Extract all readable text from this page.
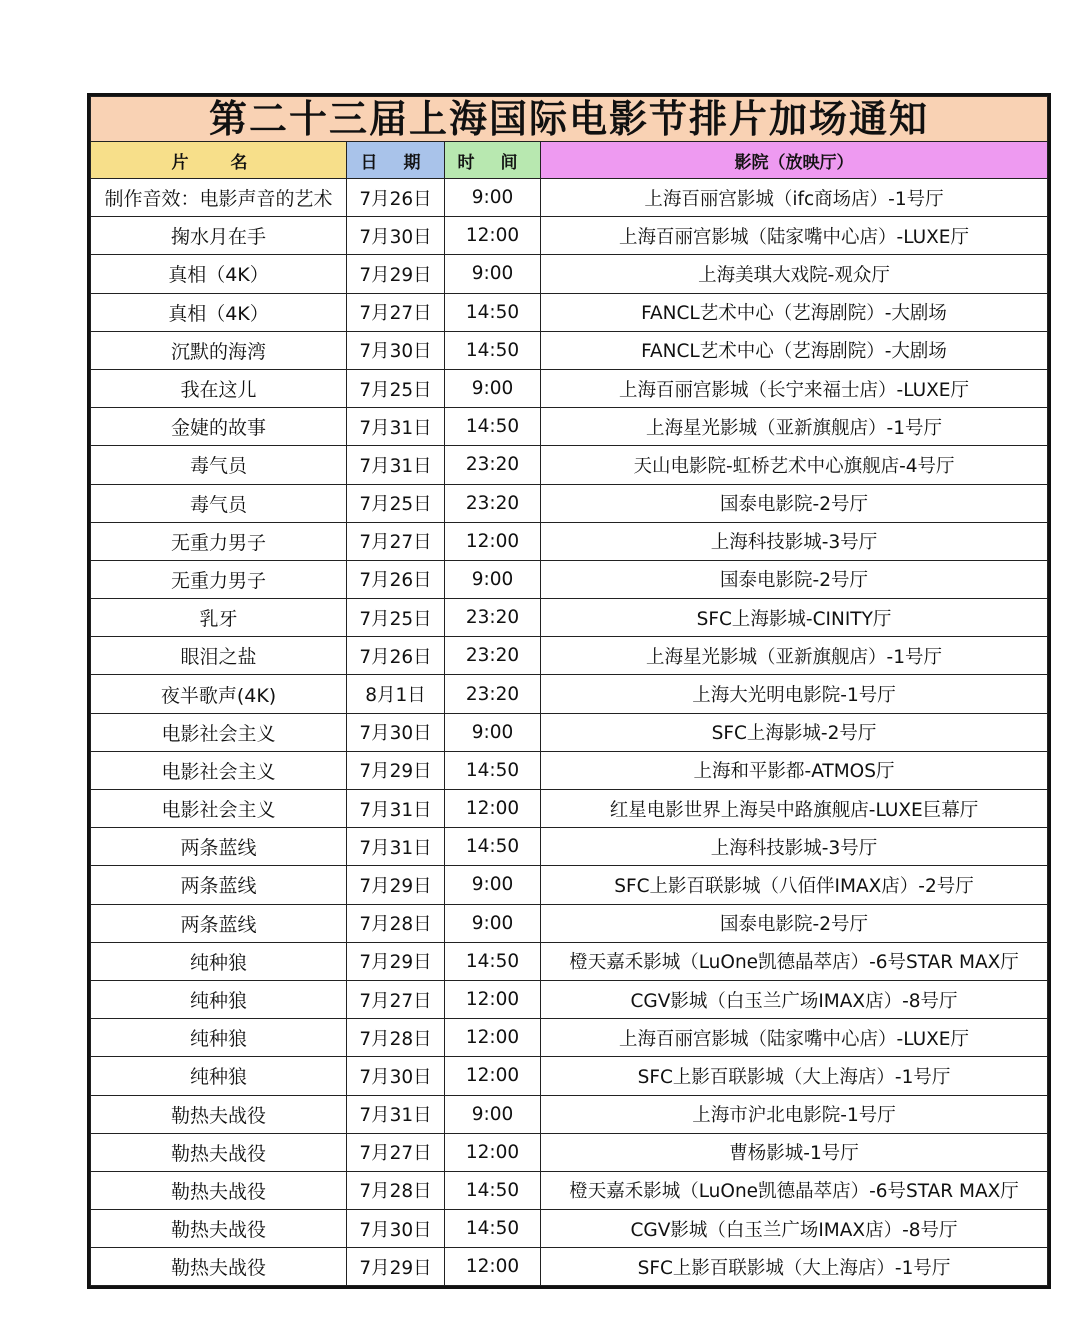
第二十三届上海国际电影节排片加场通知			
片 名	日 期	时 间	影院（放映厅）
制作音效：电影声音的艺术	7月26日	9:00	上海百丽宫影城（ifc商场店）-1号厅
掬水月在手	7月30日	12:00	上海百丽宫影城（陆家嘴中心店）-LUXE厅
真相（4K）	7月29日	9:00	上海美琪大戏院-观众厅
真相（4K）	7月27日	14:50	FANCL艺术中心（艺海剧院）-大剧场
沉默的海湾	7月30日	14:50	FANCL艺术中心（艺海剧院）-大剧场
我在这儿	7月25日	9:00	上海百丽宫影城（长宁来福士店）-LUXE厅
金婕的故事	7月31日	14:50	上海星光影城（亚新旗舰店）-1号厅
毒气员	7月31日	23:20	天山电影院-虹桥艺术中心旗舰店-4号厅
毒气员	7月25日	23:20	国泰电影院-2号厅
无重力男子	7月27日	12:00	上海科技影城-3号厅
无重力男子	7月26日	9:00	国泰电影院-2号厅
乳牙	7月25日	23:20	SFC上海影城-CINITY厅
眼泪之盐	7月26日	23:20	上海星光影城（亚新旗舰店）-1号厅
夜半歌声(4K)	8月1日	23:20	上海大光明电影院-1号厅
电影社会主义	7月30日	9:00	SFC上海影城-2号厅
电影社会主义	7月29日	14:50	上海和平影都-ATMOS厅
电影社会主义	7月31日	12:00	红星电影世界上海吴中路旗舰店-LUXE巨幕厅
两条蓝线	7月31日	14:50	上海科技影城-3号厅
两条蓝线	7月29日	9:00	SFC上影百联影城（八佰伴IMAX店）-2号厅
两条蓝线	7月28日	9:00	国泰电影院-2号厅
纯种狼	7月29日	14:50	橙天嘉禾影城（LuOne凯德晶萃店）-6号STAR MAX厅
纯种狼	7月27日	12:00	CGV影城（白玉兰广场IMAX店）-8号厅
纯种狼	7月28日	12:00	上海百丽宫影城（陆家嘴中心店）-LUXE厅
纯种狼	7月30日	12:00	SFC上影百联影城（大上海店）-1号厅
勒热夫战役	7月31日	9:00	上海市沪北电影院-1号厅
勒热夫战役	7月27日	12:00	曹杨影城-1号厅
勒热夫战役	7月28日	14:50	橙天嘉禾影城（LuOne凯德晶萃店）-6号STAR MAX厅
勒热夫战役	7月30日	14:50	CGV影城（白玉兰广场IMAX店）-8号厅
勒热夫战役	7月29日	12:00	SFC上影百联影城（大上海店）-1号厅
